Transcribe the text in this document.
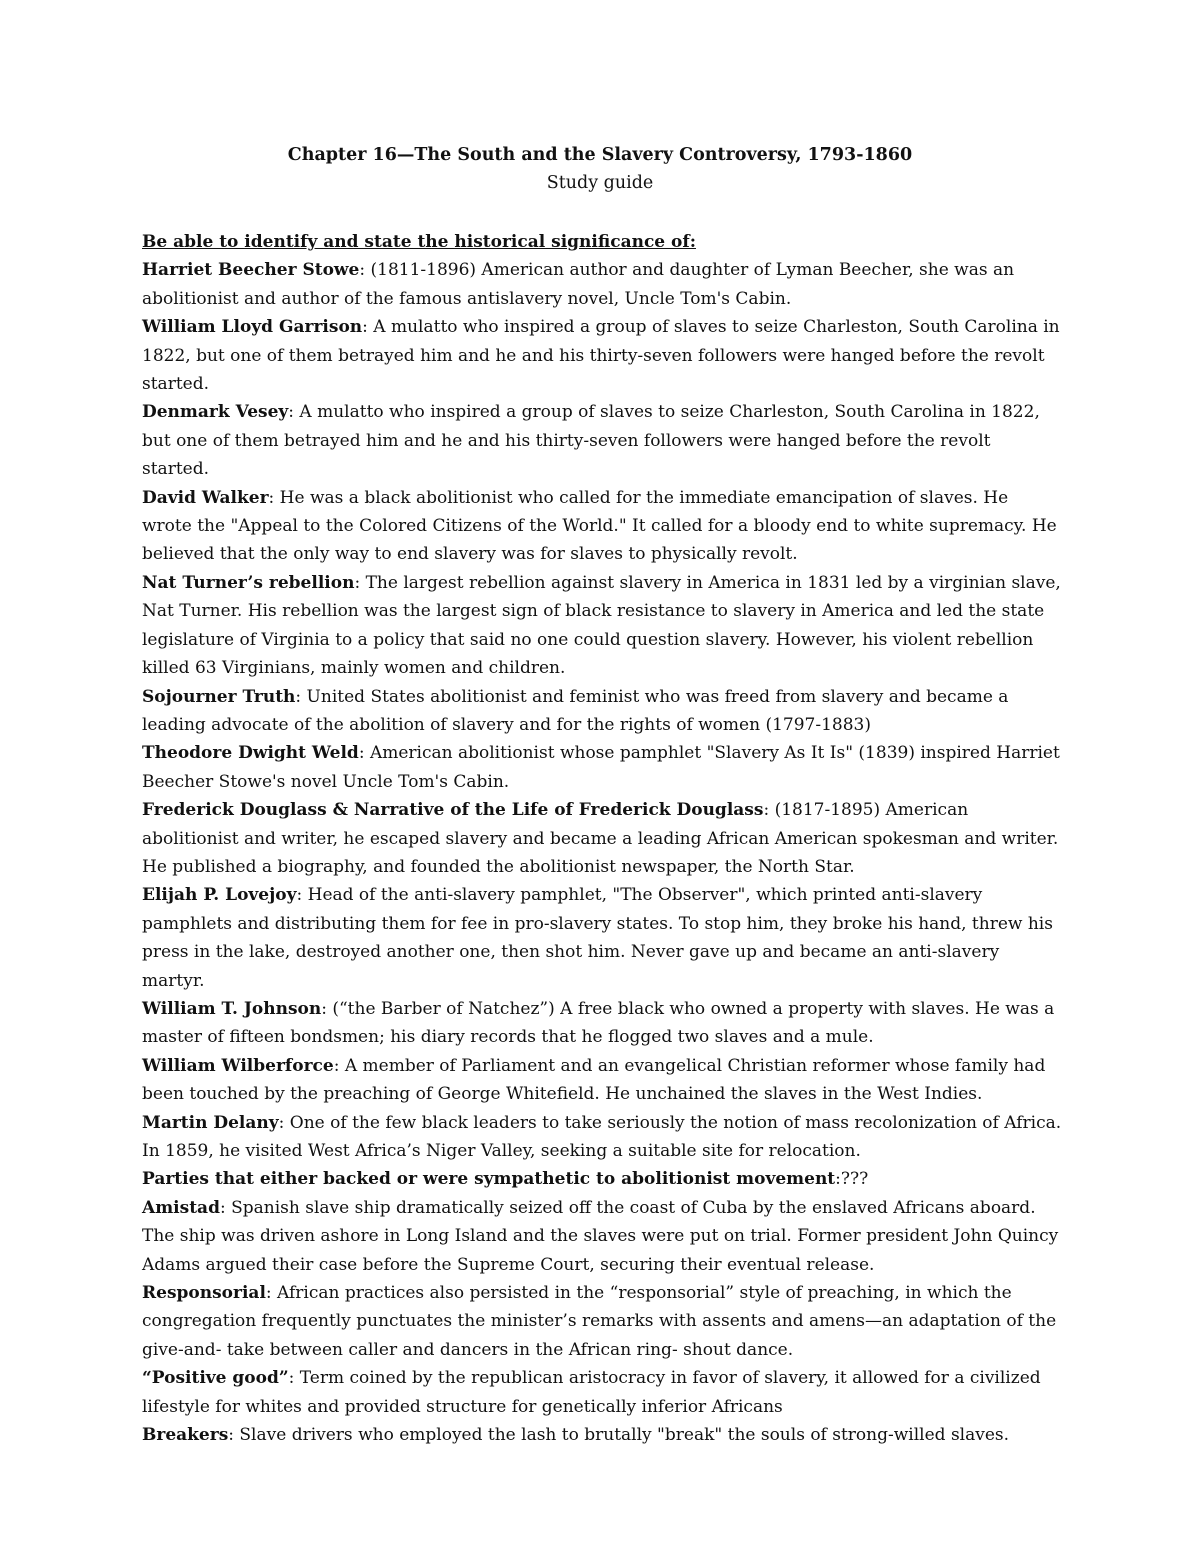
Chapter 16—The South and the Slavery Controversy, 1793-1860
Study guide
Be able to identify and state the historical significance of:

Harriet Beecher Stowe: (1811-1896) American author and daughter of Lyman Beecher, she was an abolitionist and author of the famous antislavery novel, Uncle Tom's Cabin.

William Lloyd Garrison: A mulatto who inspired a group of slaves to seize Charleston, South Carolina in 1822, but one of them betrayed him and he and his thirty-seven followers were hanged before the revolt started.

Denmark Vesey: A mulatto who inspired a group of slaves to seize Charleston, South Carolina in 1822, but one of them betrayed him and he and his thirty-seven followers were hanged before the revolt started.

David Walker: He was a black abolitionist who called for the immediate emancipation of slaves. He wrote the "Appeal to the Colored Citizens of the World." It called for a bloody end to white supremacy. He believed that the only way to end slavery was for slaves to physically revolt.

Nat Turner’s rebellion: The largest rebellion against slavery in America in 1831 led by a virginian slave, Nat Turner. His rebellion was the largest sign of black resistance to slavery in America and led the state legislature of Virginia to a policy that said no one could question slavery. However, his violent rebellion killed 63 Virginians, mainly women and children.

Sojourner Truth: United States abolitionist and feminist who was freed from slavery and became a leading advocate of the abolition of slavery and for the rights of women (1797-1883)

Theodore Dwight Weld: American abolitionist whose pamphlet "Slavery As It Is" (1839) inspired Harriet Beecher Stowe's novel Uncle Tom's Cabin.

Frederick Douglass & Narrative of the Life of Frederick Douglass: (1817-1895) American abolitionist and writer, he escaped slavery and became a leading African American spokesman and writer. He published a biography, and founded the abolitionist newspaper, the North Star.

Elijah P. Lovejoy: Head of the anti-slavery pamphlet, "The Observer", which printed anti-slavery pamphlets and distributing them for fee in pro-slavery states. To stop him, they broke his hand, threw his press in the lake, destroyed another one, then shot him. Never gave up and became an anti-slavery martyr.

William T. Johnson: (“the Barber of Natchez”) A free black who owned a property with slaves. He was a master of fifteen bondsmen; his diary records that he flogged two slaves and a mule.

William Wilberforce: A member of Parliament and an evangelical Christian reformer whose family had been touched by the preaching of George Whitefield. He unchained the slaves in the West Indies.

Martin Delany: One of the few black leaders to take seriously the notion of mass recolonization of Africa. In 1859, he visited West Africa’s Niger Valley, seeking a suitable site for relocation.

Parties that either backed or were sympathetic to abolitionist movement:???

Amistad: Spanish slave ship dramatically seized off the coast of Cuba by the enslaved Africans aboard. The ship was driven ashore in Long Island and the slaves were put on trial. Former president John Quincy Adams argued their case before the Supreme Court, securing their eventual release.

Responsorial: African practices also persisted in the “responsorial” style of preaching, in which the congregation frequently punctuates the minister’s remarks with assents and amens—an adaptation of the give-and- take between caller and dancers in the African ring- shout dance.

“Positive good”: Term coined by the republican aristocracy in favor of slavery, it allowed for a civilized lifestyle for whites and provided structure for genetically inferior Africans

Breakers: Slave drivers who employed the lash to brutally "break" the souls of strong-willed slaves.
